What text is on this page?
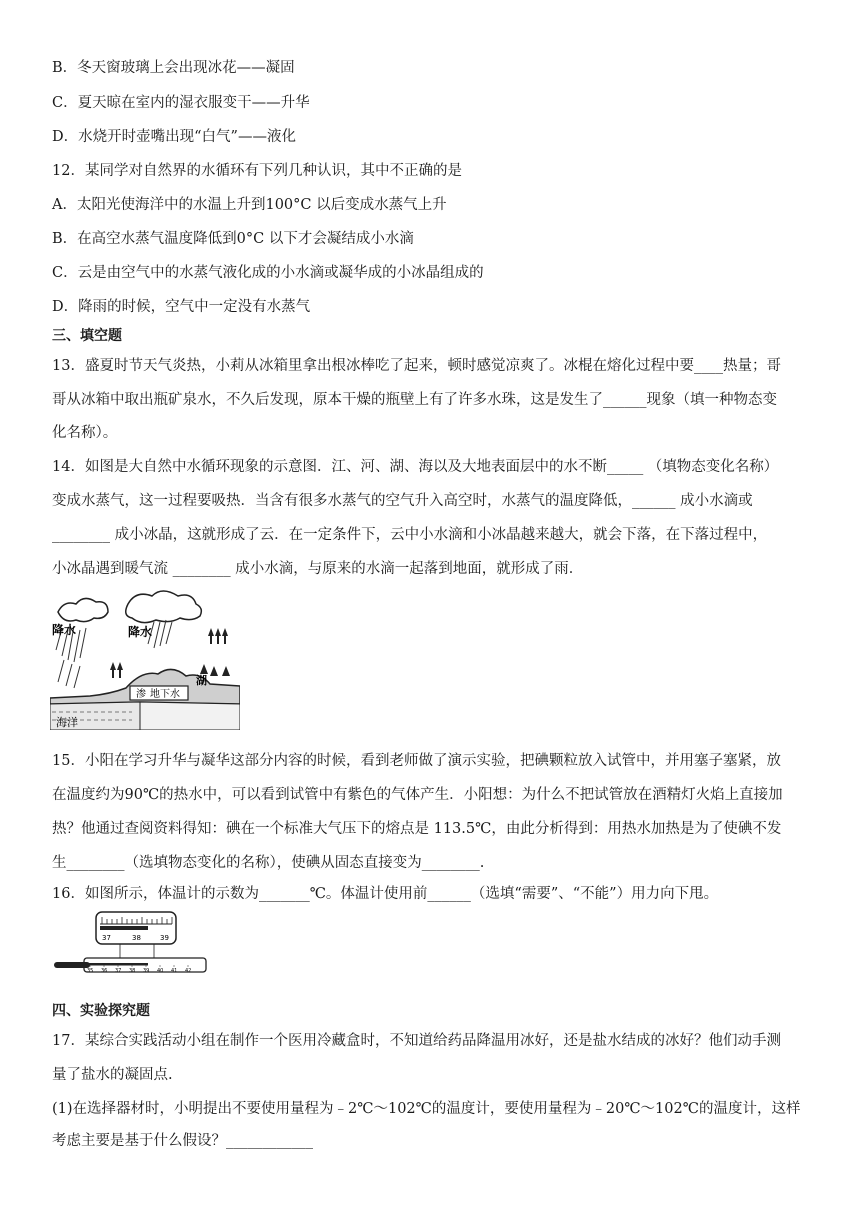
B．冬天窗玻璃上会出现冰花——凝固
C．夏天晾在室内的湿衣服变干——升华
D．水烧开时壶嘴出现“白气”——液化
12．某同学对自然界的水循环有下列几种认识，其中不正确的是
A．太阳光使海洋中的水温上升到100°C 以后变成水蒸气上升
B．在高空水蒸气温度降低到0°C 以下才会凝结成小水滴
C．云是由空气中的水蒸气液化成的小水滴或凝华成的小冰晶组成的
D．降雨的时候，空气中一定没有水蒸气
三、填空题
13．盛夏时节天气炎热，小莉从冰箱里拿出根冰棒吃了起来，顿时感觉凉爽了。冰棍在熔化过程中要____热量；哥
哥从冰箱中取出瓶矿泉水，不久后发现，原本干燥的瓶壁上有了许多水珠，这是发生了______现象（填一种物态变
化名称）。
14．如图是大自然中水循环现象的示意图．江、河、湖、海以及大地表面层中的水不断_____ （填物态变化名称）
变成水蒸气，这一过程要吸热．当含有很多水蒸气的空气升入高空时，水蒸气的温度降低，______ 成小水滴或
________ 成小冰晶，这就形成了云．在一定条件下，云中小水滴和小冰晶越来越大，就会下落，在下落过程中，
小冰晶遇到暖气流 ________ 成小水滴，与原来的水滴一起落到地面，就形成了雨．
降水	降水
湖
海洋
渗 地下水
15．小阳在学习升华与凝华这部分内容的时候，看到老师做了演示实验，把碘颗粒放入试管中，并用塞子塞紧，放
在温度约为90℃的热水中，可以看到试管中有紫色的气体产生．小阳想：为什么不把试管放在酒精灯火焰上直接加
热？他通过查阅资料得知：碘在一个标准大气压下的熔点是 113.5℃，由此分析得到：用热水加热是为了使碘不发
生________（选填物态变化的名称），使碘从固态直接变为________.
16．如图所示，体温计的示数为_______℃。体温计使用前______（选填“需要”、“不能”）用力向下甩。
37	38	39
35 36 37 38 39 40 41 42
四、实验探究题
17．某综合实践活动小组在制作一个医用冷藏盒时，不知道给药品降温用冰好，还是盐水结成的冰好？他们动手测
量了盐水的凝固点.
(1)在选择器材时，小明提出不要使用量程为﹣2℃～102℃的温度计，要使用量程为﹣20℃～102℃的温度计，这样
考虑主要是基于什么假设？____________
